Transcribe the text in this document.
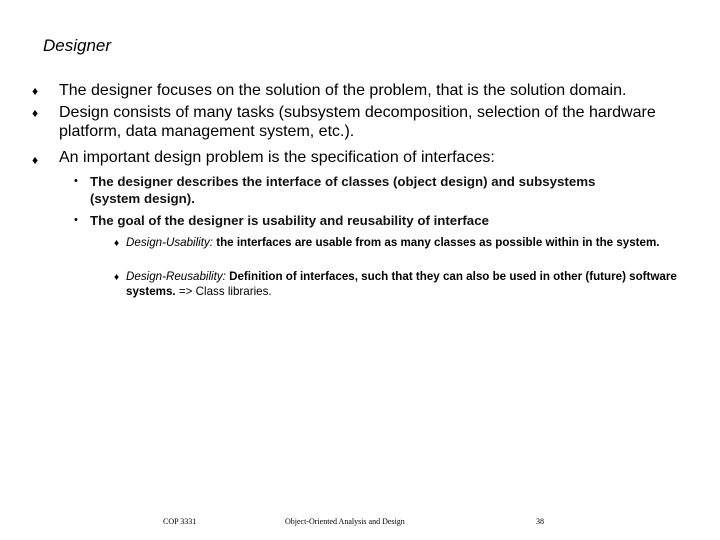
Designer
♦ The designer focuses on the solution of the problem, that is the solution domain.
♦ Design consists of many tasks (subsystem decomposition, selection of the hardware platform, data management system, etc.).
♦ An important design problem is the specification of interfaces:
• The designer describes the interface of classes (object design) and subsystems (system design).
• The goal of the designer is usability and reusability of interface
♦ Design-Usability: the interfaces are usable from as many classes as possible within in the system.
♦ Design-Reusability: Definition of interfaces, such that they can also be used in other (future) software systems. => Class libraries.
COP 3331	Object-Oriented Analysis and Design	38
